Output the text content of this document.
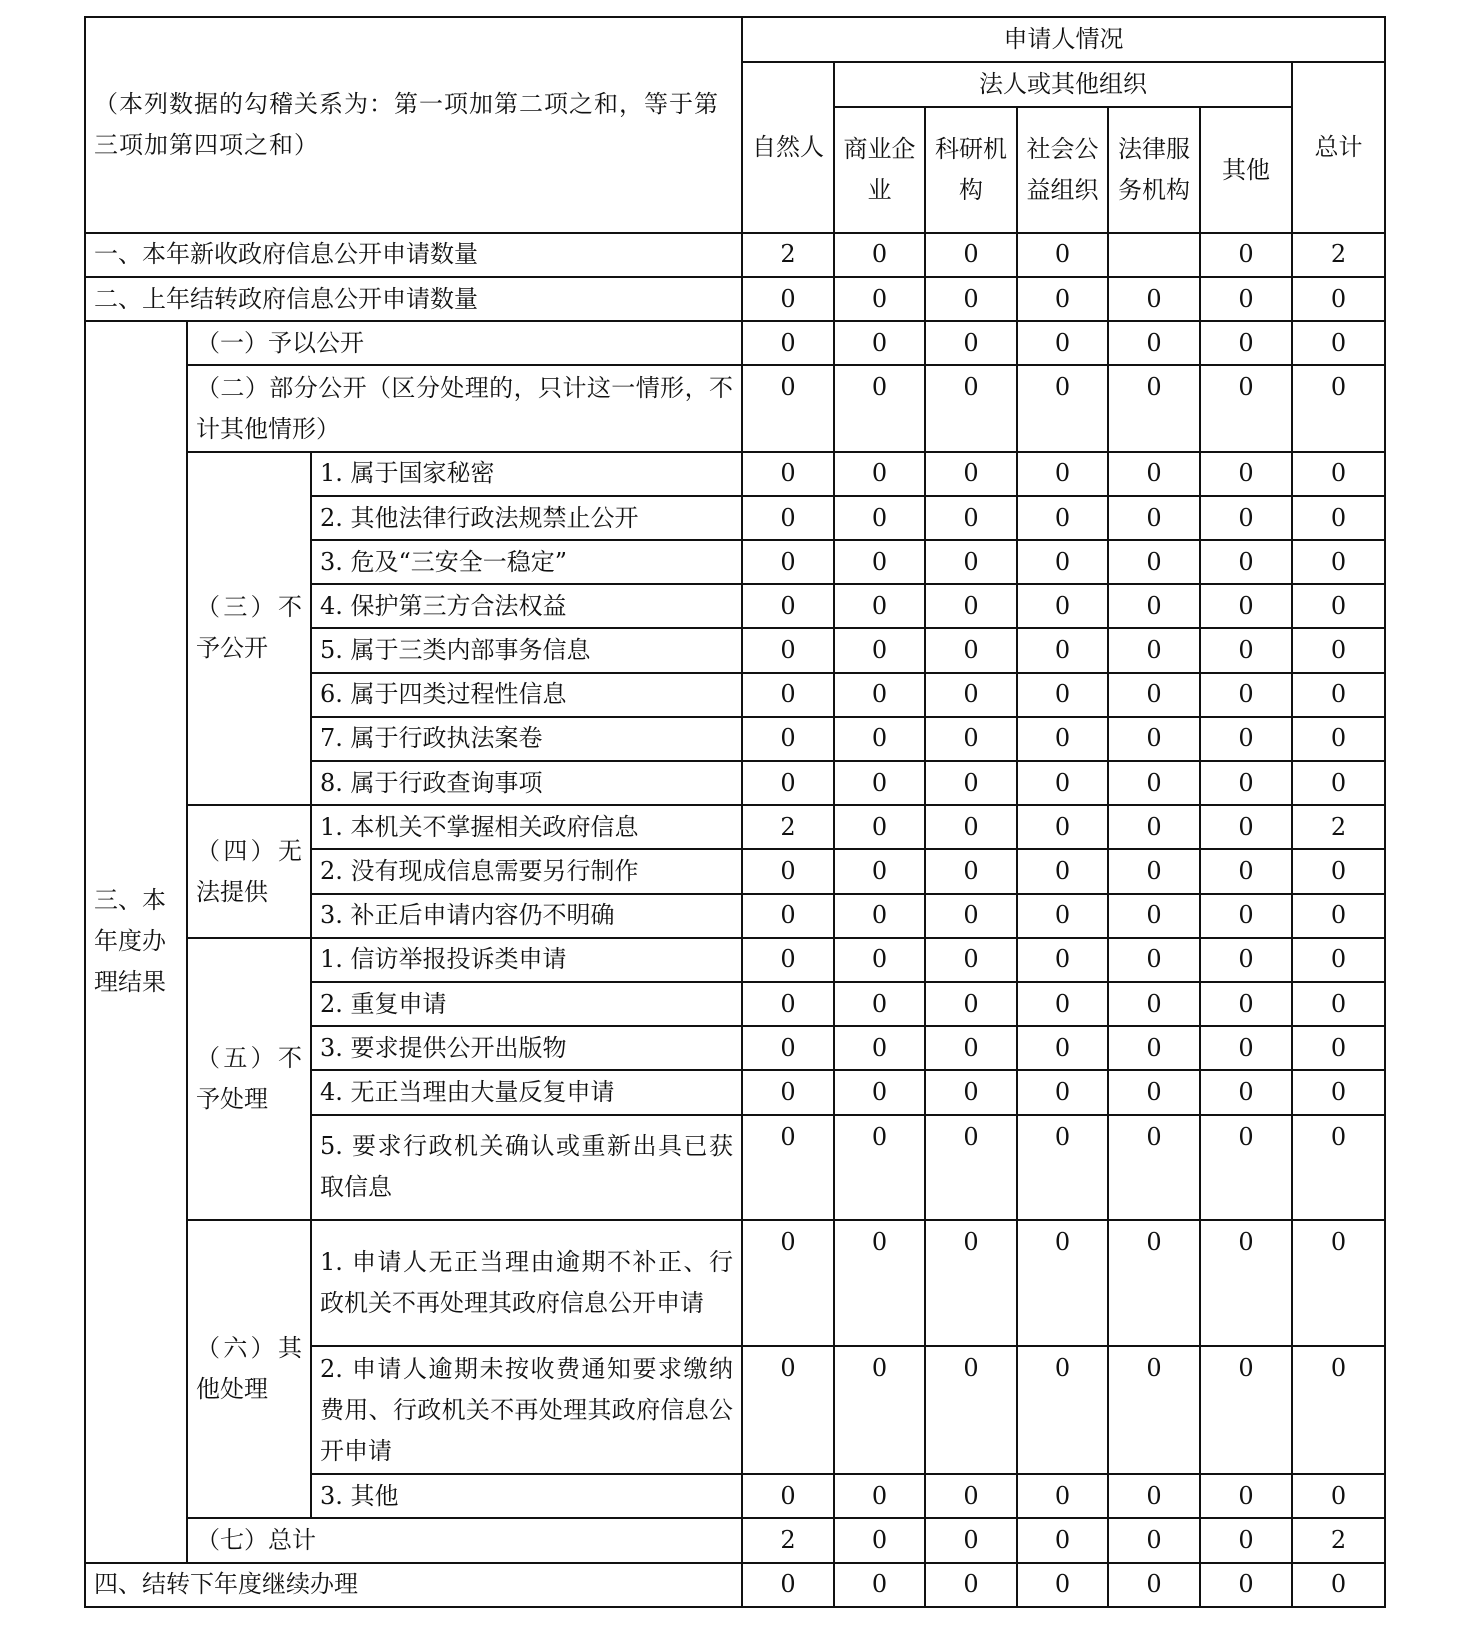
（本列数据的勾稽关系为：第一项加第二项之和，等于第三项加第四项之和）			申请人情况						
			自然人	法人或其他组织					总计
				商业企业	科研机构	社会公益组织	法律服务机构	其他	
一、本年新收政府信息公开申请数量			2	0	0	0		0	2
二、上年结转政府信息公开申请数量			0	0	0	0	0	0	0
三、本年度办理结果	（一）予以公开		0	0	0	0	0	0	0
	（二）部分公开（区分处理的，只计这一情形，不计其他情形）		0	0	0	0	0	0	0
	（三）不予公开	1. 属于国家秘密	0	0	0	0	0	0	0
		2. 其他法律行政法规禁止公开	0	0	0	0	0	0	0
		3. 危及“三安全一稳定”	0	0	0	0	0	0	0
		4. 保护第三方合法权益	0	0	0	0	0	0	0
		5. 属于三类内部事务信息	0	0	0	0	0	0	0
		6. 属于四类过程性信息	0	0	0	0	0	0	0
		7. 属于行政执法案卷	0	0	0	0	0	0	0
		8. 属于行政查询事项	0	0	0	0	0	0	0
	（四）无法提供	1. 本机关不掌握相关政府信息	2	0	0	0	0	0	2
		2. 没有现成信息需要另行制作	0	0	0	0	0	0	0
		3. 补正后申请内容仍不明确	0	0	0	0	0	0	0
	（五）不予处理	1. 信访举报投诉类申请	0	0	0	0	0	0	0
		2. 重复申请	0	0	0	0	0	0	0
		3. 要求提供公开出版物	0	0	0	0	0	0	0
		4. 无正当理由大量反复申请	0	0	0	0	0	0	0
		5. 要求行政机关确认或重新出具已获取信息	0	0	0	0	0	0	0
	（六）其他处理	1. 申请人无正当理由逾期不补正、行政机关不再处理其政府信息公开申请	0	0	0	0	0	0	0
		2. 申请人逾期未按收费通知要求缴纳费用、行政机关不再处理其政府信息公开申请	0	0	0	0	0	0	0
		3. 其他	0	0	0	0	0	0	0
	（七）总计		2	0	0	0	0	0	2
四、结转下年度继续办理			0	0	0	0	0	0	0
